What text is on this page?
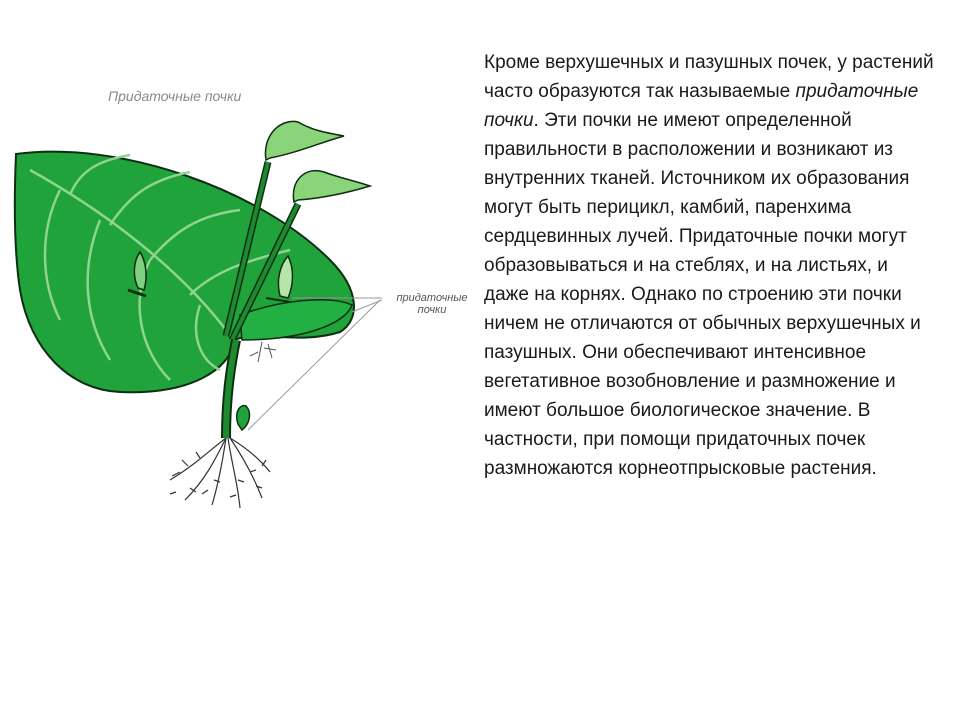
Придаточные почки
придаточные
почки

Кроме верхушечных и пазушных почек, у растений часто образуются так называемые придаточные почки. Эти почки не имеют определенной правильности в расположении и возникают из внутренних тканей. Источником их образования могут быть перицикл, камбий, паренхима сердцевинных лучей. Придаточные почки могут образовываться и на стеблях, и на листьях, и даже на корнях. Однако по строению эти почки ничем не отличаются от обычных верхушечных и пазушных. Они обеспечивают интенсивное вегетативное возобновление и размножение и имеют большое биологическое значение. В частности, при помощи придаточных почек размножаются корнеотпрысковые растения.
